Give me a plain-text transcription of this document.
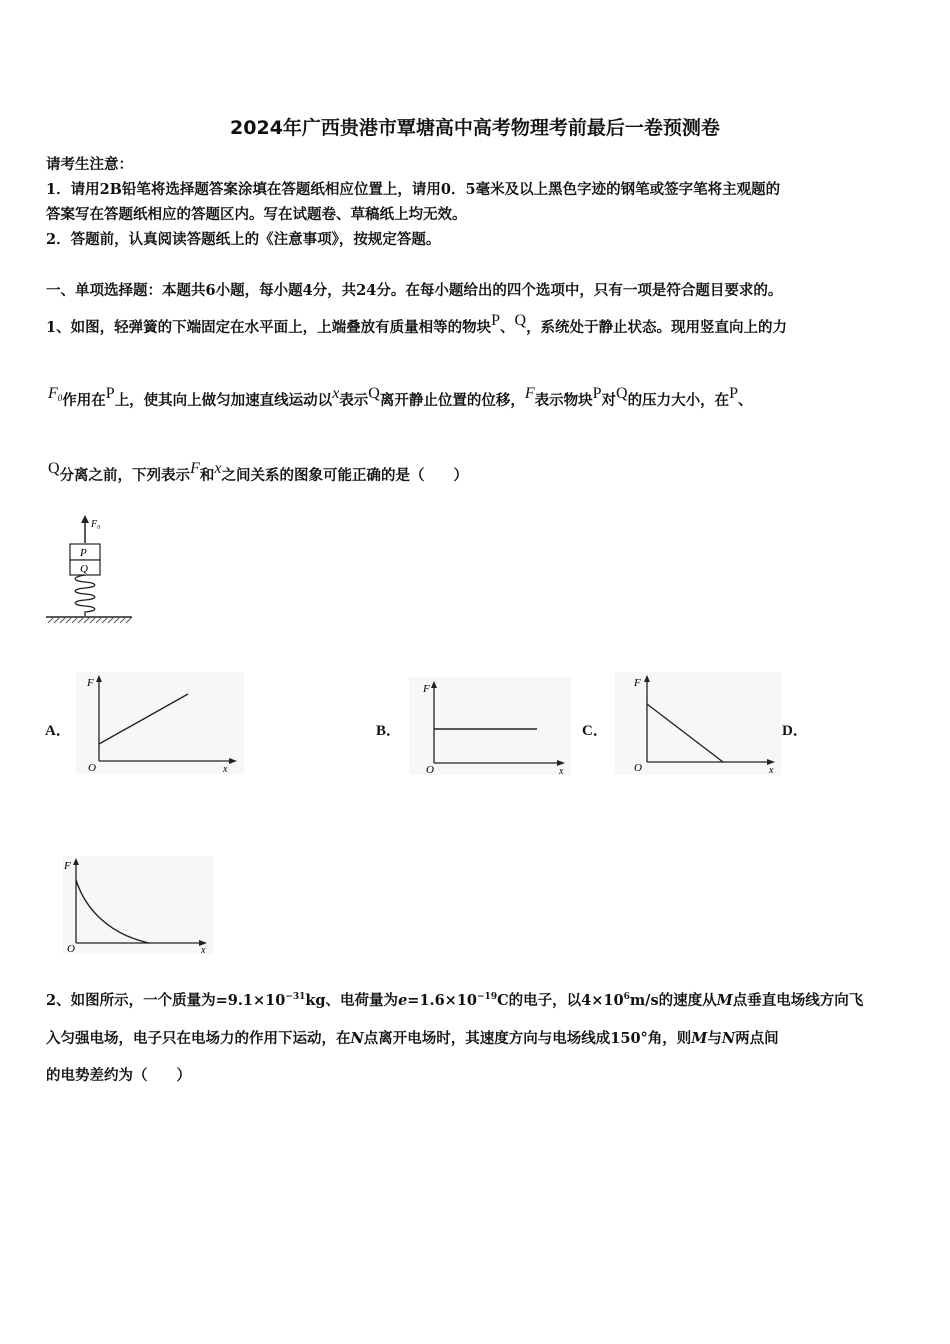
2024年广西贵港市覃塘高中高考物理考前最后一卷预测卷
请考生注意：
1．请用2B铅笔将选择题答案涂填在答题纸相应位置上，请用0．5毫米及以上黑色字迹的钢笔或签字笔将主观题的
答案写在答题纸相应的答题区内。写在试题卷、草稿纸上均无效。
2．答题前，认真阅读答题纸上的《注意事项》，按规定答题。
一、单项选择题：本题共6小题，每小题4分，共24分。在每小题给出的四个选项中，只有一项是符合题目要求的。
1、如图，轻弹簧的下端固定在水平面上，上端叠放有质量相等的物块P、Q，系统处于静止状态。现用竖直向上的力
$F_0$作用在P上，使其向上做匀加速直线运动以x表示Q离开静止位置的位移，F表示物块P对Q的压力大小，在P、
Q分离之前，下列表示F和x之间关系的图象可能正确的是（　　）
F₀
P
Q
A．
F
O	x
B．
F
O	x
C．
F
O	x
D．
F
O	x
2、如图所示，一个质量为$=9.1\times 10^{-31}kg$、电荷量为$e=1.6\times 10^{-19}C$的电子，以$4\times 10^6m/s$的速度从M点垂直电场线方向飞
入匀强电场，电子只在电场力的作用下运动，在N点离开电场时，其速度方向与电场线成150°角，则M与N两点间
的电势差约为（　　）
